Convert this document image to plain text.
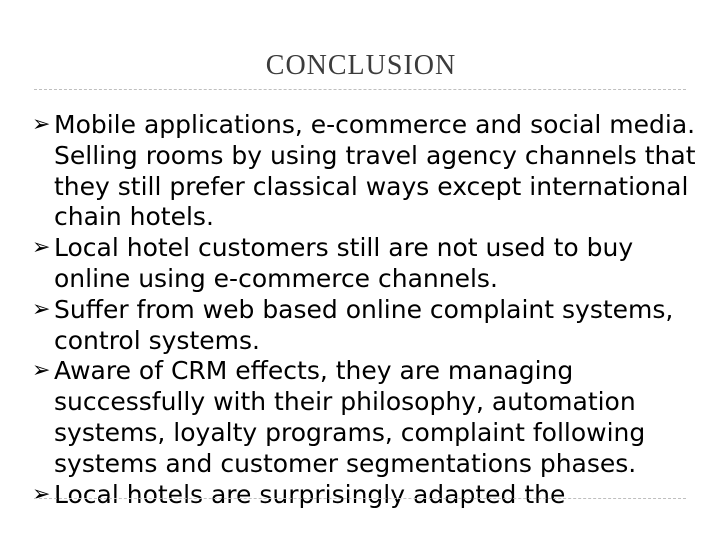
CONCLUSION
➢ Mobile applications, e-commerce and social media. Selling rooms by using travel agency channels that they still prefer classical ways except international chain hotels.
➢ Local hotel customers still are not used to buy online using e-commerce channels.
➢ Suffer from web based online complaint systems, control systems.
➢ Aware of CRM effects, they are managing successfully with their philosophy, automation systems, loyalty programs, complaint following systems and customer segmentations phases.
➢ Local hotels are surprisingly adapted the
